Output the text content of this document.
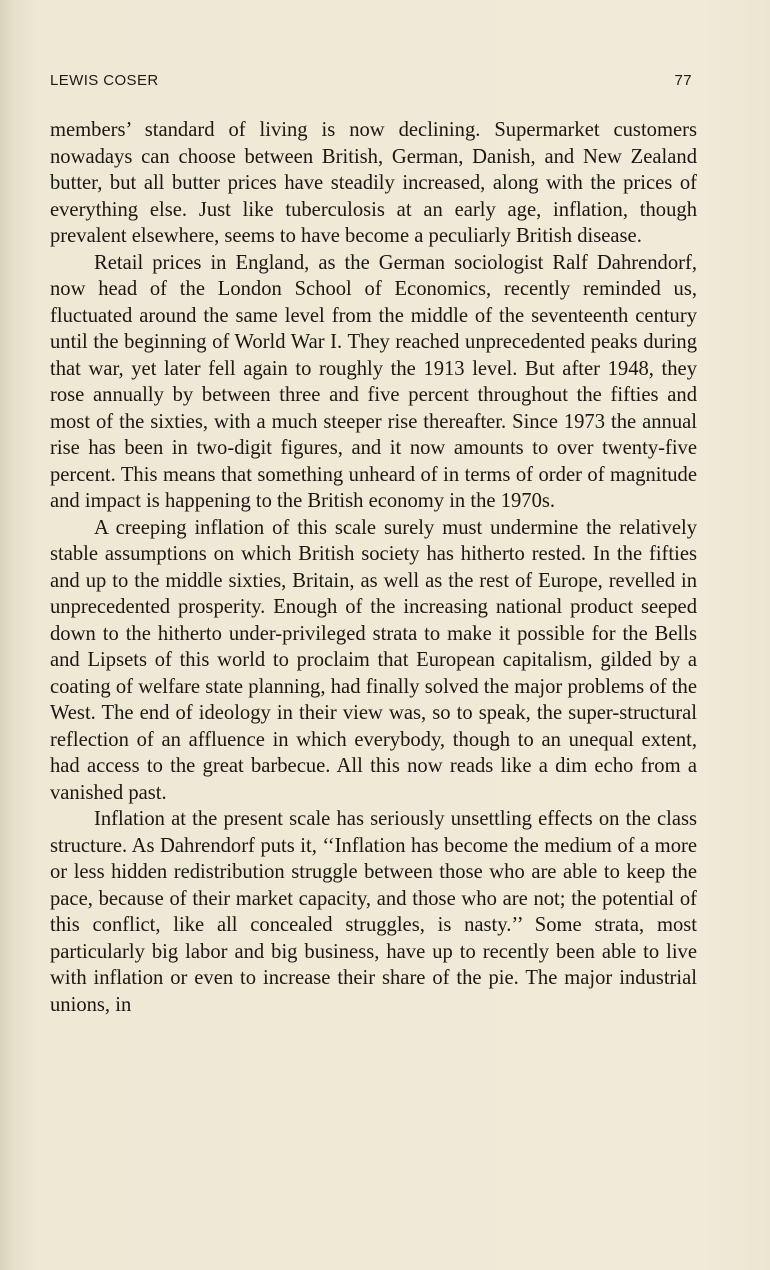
LEWIS COSER	77

members’ standard of living is now declining. Supermarket customers nowadays can choose between British, German, Danish, and New Zealand butter, but all butter prices have steadily increased, along with the prices of everything else. Just like tuberculosis at an early age, inflation, though prevalent elsewhere, seems to have become a peculiarly British disease.

Retail prices in England, as the German sociologist Ralf Dahrendorf, now head of the London School of Economics, recently reminded us, fluctuated around the same level from the middle of the seventeenth century until the beginning of World War I. They reached unprecedented peaks during that war, yet later fell again to roughly the 1913 level. But after 1948, they rose annually by between three and five percent throughout the fifties and most of the sixties, with a much steeper rise thereafter. Since 1973 the annual rise has been in two-digit figures, and it now amounts to over twenty-five percent. This means that something unheard of in terms of order of magnitude and impact is happening to the British economy in the 1970s.

A creeping inflation of this scale surely must undermine the relatively stable assumptions on which British society has hitherto rested. In the fifties and up to the middle sixties, Britain, as well as the rest of Europe, revelled in unprecedented prosperity. Enough of the increasing national product seeped down to the hitherto under-privileged strata to make it possible for the Bells and Lipsets of this world to proclaim that European capitalism, gilded by a coating of welfare state planning, had finally solved the major problems of the West. The end of ideology in their view was, so to speak, the super-structural reflection of an affluence in which everybody, though to an unequal extent, had access to the great barbecue. All this now reads like a dim echo from a vanished past.

Inflation at the present scale has seriously unsettling effects on the class structure. As Dahrendorf puts it, ‘‘Inflation has become the medium of a more or less hidden redistribution struggle between those who are able to keep the pace, because of their market capacity, and those who are not; the potential of this conflict, like all concealed struggles, is nasty.’’ Some strata, most particularly big labor and big business, have up to recently been able to live with inflation or even to increase their share of the pie. The major industrial unions, in
